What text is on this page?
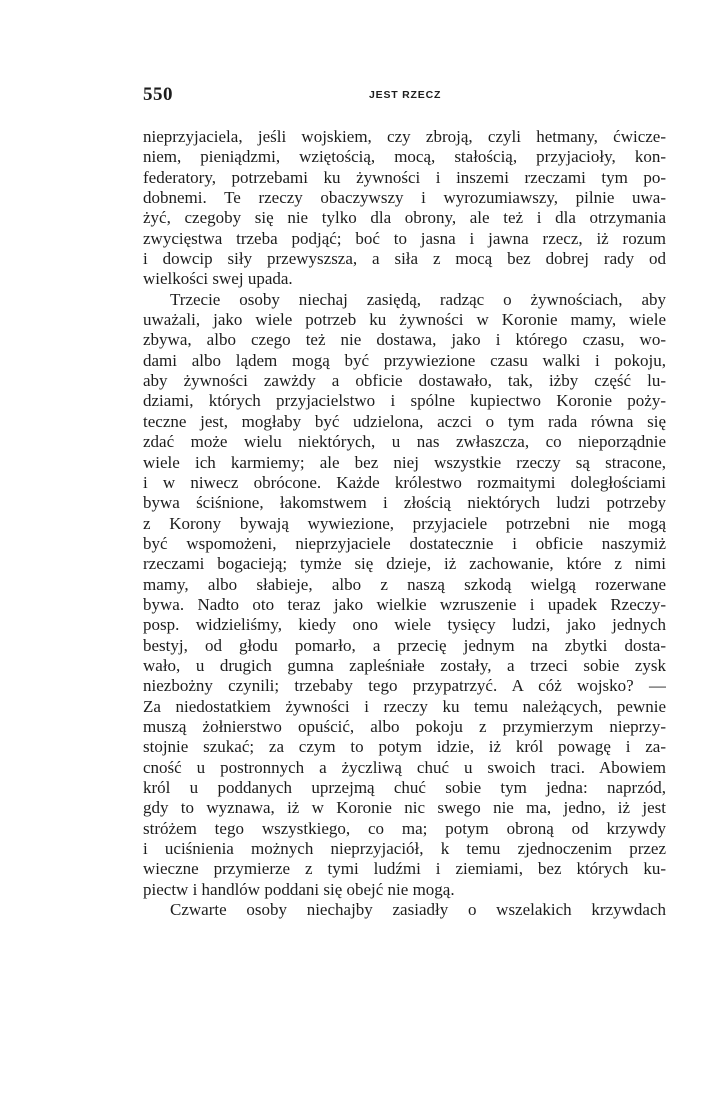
550	JEST RZECZ
nieprzyjaciela, jeśli wojskiem, czy zbroją, czyli hetmany, ćwicze-
niem, pieniądzmi, wziętością, mocą, stałością, przyjacioły, kon-
federatory, potrzebami ku żywności i inszemi rzeczami tym po-
dobnemi. Te rzeczy obaczywszy i wyrozumiawszy, pilnie uwa-
żyć, czegoby się nie tylko dla obrony, ale też i dla otrzymania
zwycięstwa trzeba podjąć; boć to jasna i jawna rzecz, iż rozum
i dowcip siły przewyszsza, a siła z mocą bez dobrej rady od
wielkości swej upada.
Trzecie osoby niechaj zasiędą, radząc o żywnościach, aby
uważali, jako wiele potrzeb ku żywności w Koronie mamy, wiele
zbywa, albo czego też nie dostawa, jako i którego czasu, wo-
dami albo lądem mogą być przywiezione czasu walki i pokoju,
aby żywności zawżdy a obficie dostawało, tak, iżby część lu-
dziami, których przyjacielstwo i spólne kupiectwo Koronie poży-
teczne jest, mogłaby być udzielona, aczci o tym rada równa się
zdać może wielu niektórych, u nas zwłaszcza, co nieporządnie
wiele ich karmiemy; ale bez niej wszystkie rzeczy są stracone,
i w niwecz obrócone. Każde królestwo rozmaitymi doległościami
bywa ściśnione, łakomstwem i złością niektórych ludzi potrzeby
z Korony bywają wywiezione, przyjaciele potrzebni nie mogą
być wspomożeni, nieprzyjaciele dostatecznie i obficie naszymiż
rzeczami bogacieją; tymże się dzieje, iż zachowanie, które z nimi
mamy, albo słabieje, albo z naszą szkodą wielgą rozerwane
bywa. Nadto oto teraz jako wielkie wzruszenie i upadek Rzeczy-
posp. widzieliśmy, kiedy ono wiele tysięcy ludzi, jako jednych
bestyj, od głodu pomarło, a przecię jednym na zbytki dosta-
wało, u drugich gumna zapleśniałe zostały, a trzeci sobie zysk
niezbożny czynili; trzebaby tego przypatrzyć. A cóż wojsko? —
Za niedostatkiem żywności i rzeczy ku temu należących, pewnie
muszą żołnierstwo opuścić, albo pokoju z przymierzym nieprzy-
stojnie szukać; za czym to potym idzie, iż król powagę i za-
cność u postronnych a życzliwą chuć u swoich traci. Abowiem
król u poddanych uprzejmą chuć sobie tym jedna: naprzód,
gdy to wyznawa, iż w Koronie nic swego nie ma, jedno, iż jest
stróżem tego wszystkiego, co ma; potym obroną od krzywdy
i uciśnienia możnych nieprzyjaciół, k temu zjednoczenim przez
wieczne przymierze z tymi ludźmi i ziemiami, bez których ku-
piectw i handlów poddani się obejć nie mogą.
Czwarte osoby niechajby zasiadły o wszelakich krzywdach
